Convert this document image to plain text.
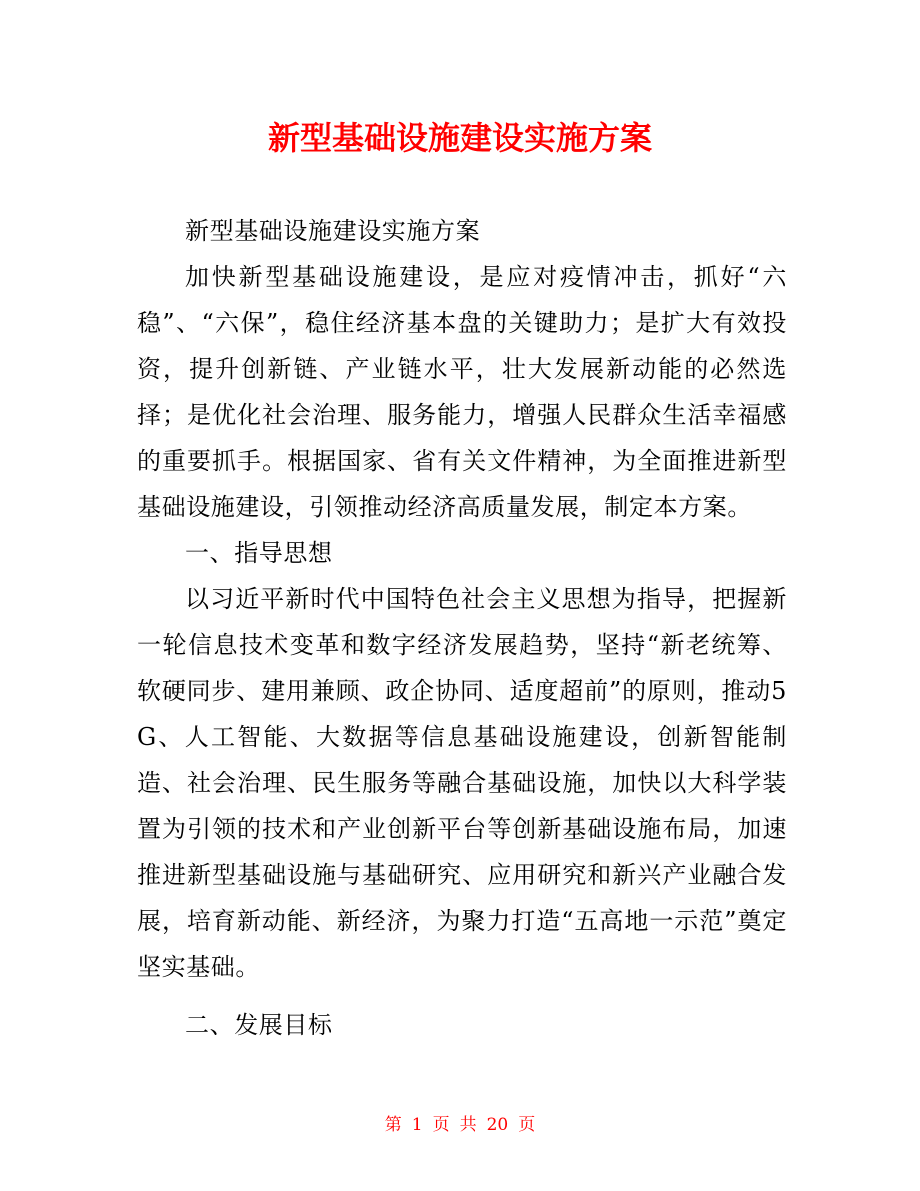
新型基础设施建设实施方案

新型基础设施建设实施方案

加快新型基础设施建设，是应对疫情冲击，抓好“六稳”、“六保”，稳住经济基本盘的关键助力；是扩大有效投资，提升创新链、产业链水平，壮大发展新动能的必然选择；是优化社会治理、服务能力，增强人民群众生活幸福感的重要抓手。根据国家、省有关文件精神，为全面推进新型基础设施建设，引领推动经济高质量发展，制定本方案。

一、指导思想

以习近平新时代中国特色社会主义思想为指导，把握新一轮信息技术变革和数字经济发展趋势，坚持“新老统筹、软硬同步、建用兼顾、政企协同、适度超前”的原则，推动5G、人工智能、大数据等信息基础设施建设，创新智能制造、社会治理、民生服务等融合基础设施，加快以大科学装置为引领的技术和产业创新平台等创新基础设施布局，加速推进新型基础设施与基础研究、应用研究和新兴产业融合发展，培育新动能、新经济，为聚力打造“五高地一示范”奠定坚实基础。

二、发展目标

第 1 页 共 20 页
